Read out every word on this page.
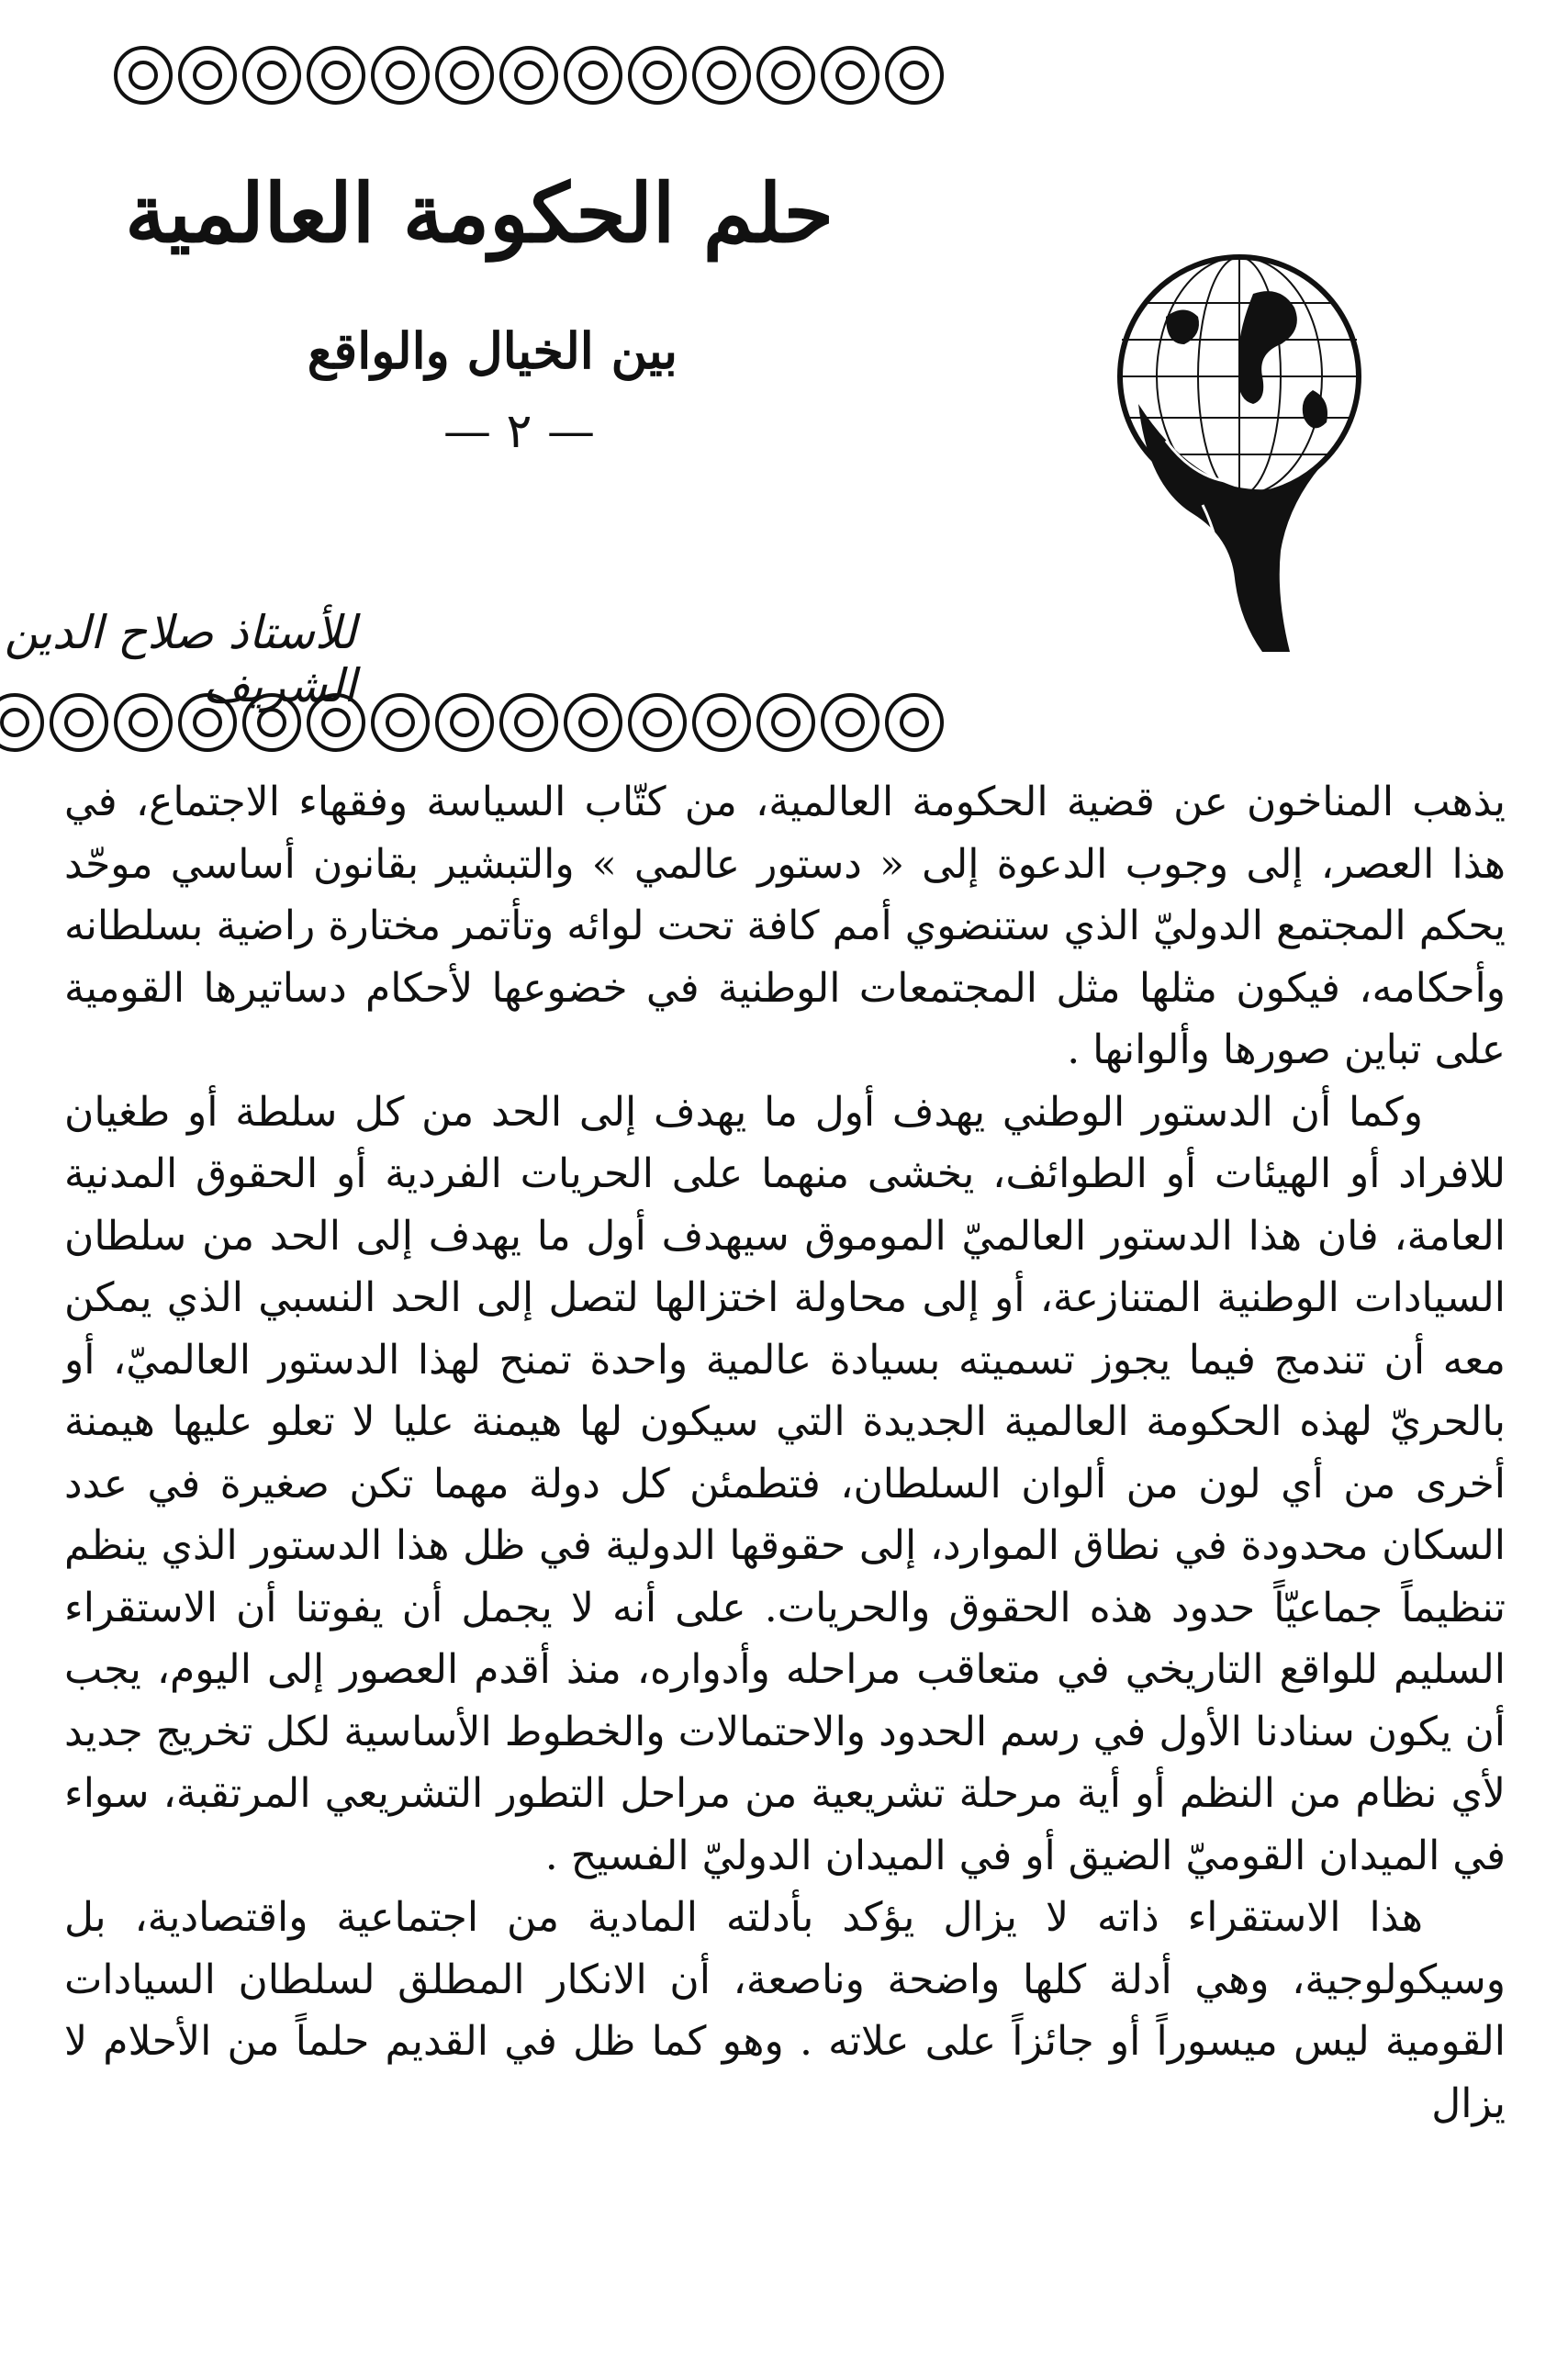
حلم الحكومة العالمية
بين الخيال والواقع
— ٢ —
للأستاذ صلاح الدين الشريف

يذهب المناخون عن قضية الحكومة العالمية، من كتّاب السياسة وفقهاء الاجتماع، في هذا العصر، إلى وجوب الدعوة إلى « دستور عالمي » والتبشير بقانون أساسي موحّد يحكم المجتمع الدوليّ الذي ستنضوي أمم كافة تحت لوائه وتأتمر مختارة راضية بسلطانه وأحكامه، فيكون مثلها مثل المجتمعات الوطنية في خضوعها لأحكام دساتيرها القومية على تباين صورها وألوانها .

وكما أن الدستور الوطني يهدف أول ما يهدف إلى الحد من كل سلطة أو طغيان للافراد أو الهيئات أو الطوائف، يخشى منهما على الحريات الفردية أو الحقوق المدنية العامة، فان هذا الدستور العالميّ الموموق سيهدف أول ما يهدف إلى الحد من سلطان السيادات الوطنية المتنازعة، أو إلى محاولة اختزالها لتصل إلى الحد النسبي الذي يمكن معه أن تندمج فيما يجوز تسميته بسيادة عالمية واحدة تمنح لهذا الدستور العالميّ، أو بالحريّ لهذه الحكومة العالمية الجديدة التي سيكون لها هيمنة عليا لا تعلو عليها هيمنة أخرى من أي لون من ألوان السلطان، فتطمئن كل دولة مهما تكن صغيرة في عدد السكان محدودة في نطاق الموارد، إلى حقوقها الدولية في ظل هذا الدستور الذي ينظم تنظيماً جماعيّاً حدود هذه الحقوق والحريات. على أنه لا يجمل أن يفوتنا أن الاستقراء السليم للواقع التاريخي في متعاقب مراحله وأدواره، منذ أقدم العصور إلى اليوم، يجب أن يكون سنادنا الأول في رسم الحدود والاحتمالات والخطوط الأساسية لكل تخريج جديد لأي نظام من النظم أو أية مرحلة تشريعية من مراحل التطور التشريعي المرتقبة، سواء في الميدان القوميّ الضيق أو في الميدان الدوليّ الفسيح .

هذا الاستقراء ذاته لا يزال يؤكد بأدلته المادية من اجتماعية واقتصادية، بل وسيكولوجية، وهي أدلة كلها واضحة وناصعة، أن الانكار المطلق لسلطان السيادات القومية ليس ميسوراً أو جائزاً على علاته . وهو كما ظل في القديم حلماً من الأحلام لا يزال
